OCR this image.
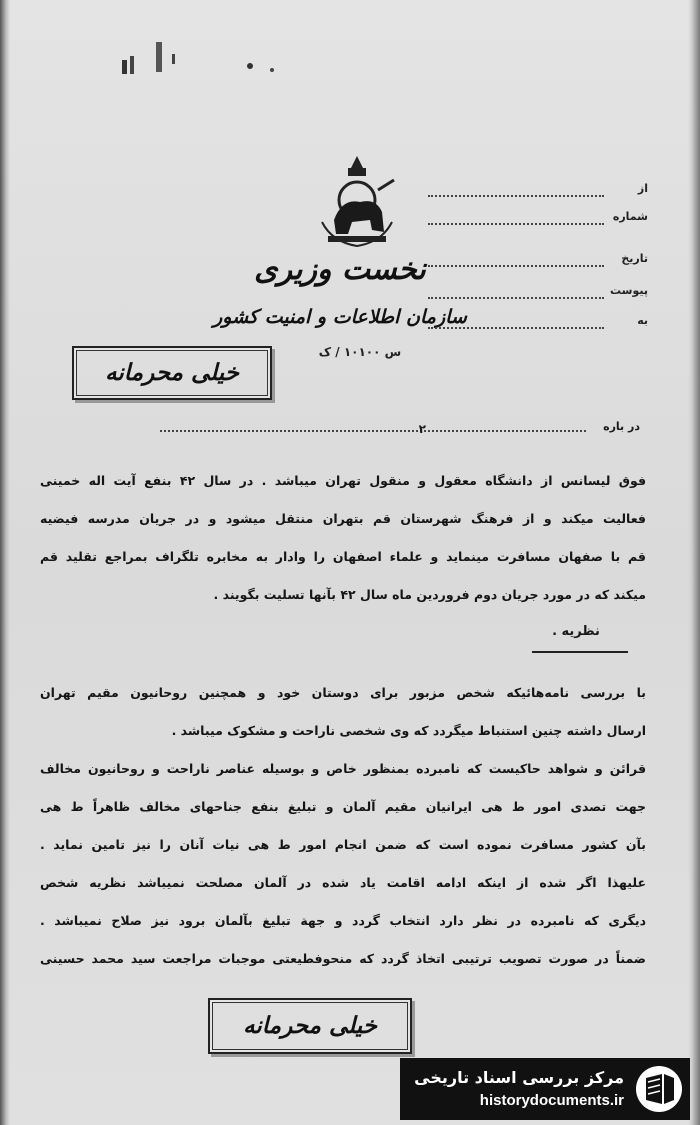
نخست وزیری
سازمان اطلاعات و امنیت کشور
س ۱۰۱۰۰ / ک
از
شماره
تاریخ
پیوست
به
خیلی محرمانه
در باره
۲
فوق لیسانس از دانشگاه معقول و منقول تهران میباشد . در سال ۴۲ بنفع آیت اله خمینی
فعالیت میکند و از فرهنگ شهرستان قم بتهران منتقل میشود و در جریان مدرسه فیضیه
قم با صفهان مسافرت مینماید و علماء اصفهان را وادار به مخابره تلگراف بمراجع تقلید قم
میکند که در مورد جریان دوم فروردین ماه سال ۴۲ بآنها تسلیت بگویند .
نظریه .
با بررسی نامه‌هائیکه شخص مزبور برای دوستان خود و همچنین روحانیون مقیم تهران
ارسال داشته چنین استنباط میگردد که وی شخصی ناراحت و مشکوک میباشد .
قرائن و شواهد حاکیست که نامبرده بمنظور خاص و بوسیله عناصر ناراحت و روحانیون مخالف
جهت تصدی امور ط هی ایرانیان مقیم آلمان و تبلیغ بنفع جناحهای مخالف ظاهراً ط هی
بآن کشور مسافرت نموده است که ضمن انجام امور ط هی نیات آنان را نیز تامین نماید .
علیهذا اگر شده از اینکه ادامه اقامت یاد شده در آلمان مصلحت نمیباشد نظریه شخص
دیگری که نامبرده در نظر دارد انتخاب گردد و جهة تبلیغ بآلمان برود نیز صلاح نمیباشد .
ضمناً در صورت تصویب ترتیبی اتخاذ گردد که منحوفطیعتی موجبات مراجعت سید محمد حسینی
خیلی محرمانه
مرکز بررسی اسناد تاریخی
historydocuments.ir
